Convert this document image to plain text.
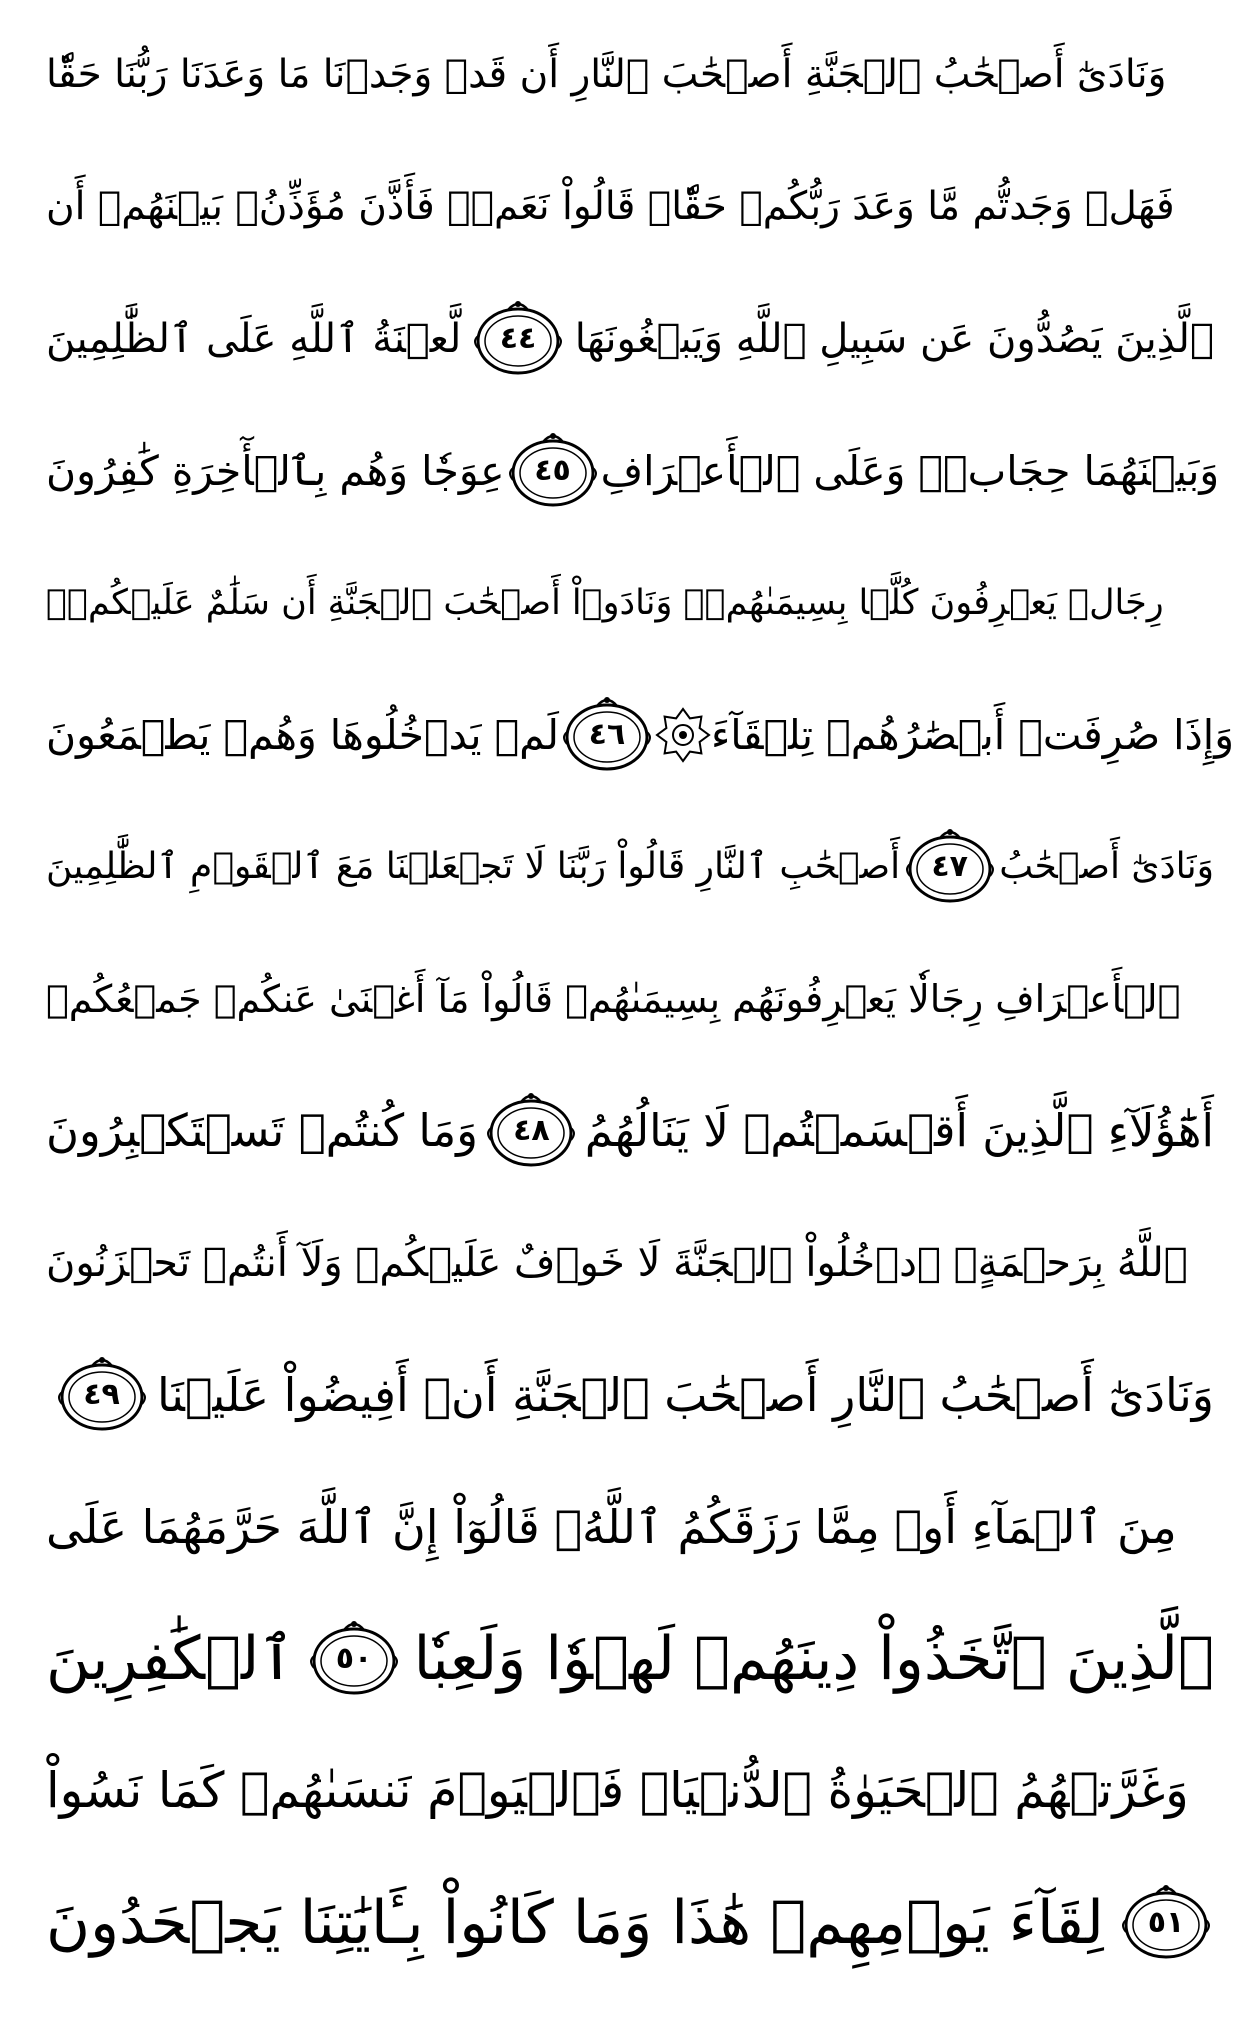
وَنَادَىٰٓ أَصۡحَٰبُ ٱلۡجَنَّةِ أَصۡحَٰبَ ٱلنَّارِ أَن قَدۡ وَجَدۡنَا مَا وَعَدَنَا رَبُّنَا حَقّٗا
فَهَلۡ وَجَدتُّم مَّا وَعَدَ رَبُّكُمۡ حَقّٗاۖ قَالُواْ نَعَمۡۚ فَأَذَّنَ مُؤَذِّنُۢ بَيۡنَهُمۡ أَن
لَّعۡنَةُ ٱللَّهِ عَلَى ٱلظَّٰلِمِينَ	٤٤ ٱلَّذِينَ يَصُدُّونَ عَن سَبِيلِ ٱللَّهِ وَيَبۡغُونَهَا
عِوَجٗا وَهُم بِٱلۡأٓخِرَةِ كَٰفِرُونَ ٤٥ وَبَيۡنَهُمَا حِجَابٞۚ وَعَلَى ٱلۡأَعۡرَافِ
رِجَالٞ يَعۡرِفُونَ كُلَّۢا بِسِيمَىٰهُمۡۚ وَنَادَوۡاْ أَصۡحَٰبَ ٱلۡجَنَّةِ أَن سَلَٰمٌ عَلَيۡكُمۡۚ
لَمۡ يَدۡخُلُوهَا وَهُمۡ يَطۡمَعُونَ ٤٦	وَإِذَا صُرِفَتۡ أَبۡصَٰرُهُمۡ تِلۡقَآءَ
أَصۡحَٰبِ ٱلنَّارِ قَالُواْ رَبَّنَا لَا تَجۡعَلۡنَا مَعَ ٱلۡقَوۡمِ ٱلظَّٰلِمِينَ	٤٧ وَنَادَىٰٓ أَصۡحَٰبُ
ٱلۡأَعۡرَافِ رِجَالٗا يَعۡرِفُونَهُم بِسِيمَىٰهُمۡ قَالُواْ مَآ أَغۡنَىٰ عَنكُمۡ جَمۡعُكُمۡ
وَمَا كُنتُمۡ تَسۡتَكۡبِرُونَ	٤٨ أَهَٰٓؤُلَآءِ ٱلَّذِينَ أَقۡسَمۡتُمۡ لَا يَنَالُهُمُ
ٱللَّهُ بِرَحۡمَةٍۚ ٱدۡخُلُواْ ٱلۡجَنَّةَ لَا خَوۡفٌ عَلَيۡكُمۡ وَلَآ أَنتُمۡ تَحۡزَنُونَ
٤٩ وَنَادَىٰٓ أَصۡحَٰبُ ٱلنَّارِ أَصۡحَٰبَ ٱلۡجَنَّةِ أَنۡ أَفِيضُواْ عَلَيۡنَا
مِنَ ٱلۡمَآءِ أَوۡ مِمَّا رَزَقَكُمُ ٱللَّهُۚ قَالُوٓاْ إِنَّ ٱللَّهَ حَرَّمَهُمَا عَلَى
ٱلۡكَٰفِرِينَ	٥٠ ٱلَّذِينَ ٱتَّخَذُواْ دِينَهُمۡ لَهۡوٗا وَلَعِبٗا
وَغَرَّتۡهُمُ ٱلۡحَيَوٰةُ ٱلدُّنۡيَاۚ فَٱلۡيَوۡمَ نَنسَىٰهُمۡ كَمَا نَسُواْ
لِقَآءَ يَوۡمِهِمۡ هَٰذَا وَمَا كَانُواْ بِـَٔايَٰتِنَا يَجۡحَدُونَ	٥١
